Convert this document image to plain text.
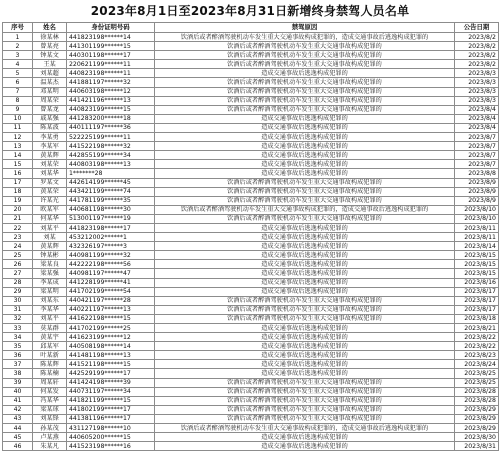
2023年8月1日至2023年8月31日新增终身禁驾人员名单
序号	姓名	身份证明号码	禁驾原因	公告日期
1	徐某林	441823198******14	饮酒后或者醉酒驾驶机动车发生重大交通事故构成犯罪的，造成交通事故后逃逸构成犯罪的	2023/8/2
2	曾某亮	441301199******15	饮酒后或者醉酒驾驶机动车发生重大交通事故构成犯罪的	2023/8/2
3	钟某文	440301198******17	饮酒后或者醉酒驾驶机动车发生重大交通事故构成犯罪的	2023/8/2
4	王某	220621199******11	饮酒后或者醉酒驾驶机动车发生重大交通事故构成犯罪的	2023/8/2
5	刘某超	440823198******11	造成交通事故后逃逸构成犯罪的	2023/8/3
6	温某杰	441881197******32	饮酒后或者醉酒驾驶机动车发生重大交通事故构成犯罪的	2023/8/3
7	邓某明	440603198******12	饮酒后或者醉酒驾驶机动车发生重大交通事故构成犯罪的	2023/8/3
8	周某荣	441421196******13	饮酒后或者醉酒驾驶机动车发生重大交通事故构成犯罪的	2023/8/3
9	曾某龙	440823199******15	饮酒后或者醉酒驾驶机动车发生重大交通事故构成犯罪的	2023/8/4
10	戚某强	441283200******18	造成交通事故后逃逸构成犯罪的	2023/8/4
11	陈某波	440111197******36	造成交通事故后逃逸构成犯罪的	2023/8/4
12	李某勇	522225199******11	造成交通事故后逃逸构成犯罪的	2023/8/7
13	李某军	441522198******32	造成交通事故后逃逸构成犯罪的	2023/8/7
14	黄某辉	442855199******34	造成交通事故后逃逸构成犯罪的	2023/8/7
15	刘某荣	440803198******13	造成交通事故后逃逸构成犯罪的	2023/8/7
16	刘某华	1*******28	造成交通事故后逃逸构成犯罪的	2023/8/8
17	罗某文	442614199******45	饮酒后或者醉酒驾驶机动车发生重大交通事故构成犯罪的	2023/8/9
18	黄某荣	443421199******74	饮酒后或者醉酒驾驶机动车发生重大交通事故构成犯罪的	2023/8/9
19	许某光	441781199******35	饮酒后或者醉酒驾驶机动车发生重大交通事故构成犯罪的	2023/8/9
20	欧某军	440681198******30	饮酒后或者醉酒驾驶机动车发生重大交通事故构成犯罪的，造成交通事故后逃逸构成犯罪的	2023/8/10
21	何某华	513001197******19	饮酒后或者醉酒驾驶机动车发生重大交通事故构成犯罪的	2023/8/10
22	刘某平	441823198******17	造成交通事故后逃逸构成犯罪的	2023/8/11
23	刘某	453212002******1	造成交通事故后逃逸构成犯罪的	2023/8/11
24	黄某辉	432326197******3	造成交通事故后逃逸构成犯罪的	2023/8/14
25	钟某彬	440981199******32	造成交通事故后逃逸构成犯罪的	2023/8/15
26	梁某良	442222198******56	造成交通事故后逃逸构成犯罪的	2023/8/15
27	梁某强	440981197******47	造成交通事故后逃逸构成犯罪的	2023/8/15
28	李某成	441228199******41	造成交通事故后逃逸构成犯罪的	2023/8/16
29	梁某明	441702199******54	造成交通事故后逃逸构成犯罪的	2023/8/17
30	刘某东	440421197******28	饮酒后或者醉酒驾驶机动车发生重大交通事故构成犯罪的	2023/8/17
31	李某华	440221197******13	饮酒后或者醉酒驾驶机动车发生重大交通事故构成犯罪的	2023/8/17
32	刘某平	441622198******15	饮酒后或者醉酒驾驶机动车发生重大交通事故构成犯罪的	2023/8/18
33	莫某群	441702199******25	造成交通事故后逃逸构成犯罪的	2023/8/21
34	黄某宇	441623199******12	造成交通事故后逃逸构成犯罪的	2023/8/22
35	邱某军	440508198******14	造成交通事故后逃逸构成犯罪的	2023/8/22
36	叶某新	441481198******13	造成交通事故后逃逸构成犯罪的	2023/8/23
37	陈某辉	441521198******15	造成交通事故后逃逸构成犯罪的	2023/8/24
38	陈某楠	442529199******17	造成交通事故后逃逸构成犯罪的	2023/8/25
39	周某轩	441424198******39	饮酒后或者醉酒驾驶机动车发生重大交通事故构成犯罪的	2023/8/25
40	何某发	440731197******34	饮酒后或者醉酒驾驶机动车发生重大交通事故构成犯罪的	2023/8/28
41	冯某华	441821199******15	饮酒后或者醉酒驾驶机动车发生重大交通事故构成犯罪的	2023/8/28
42	梁某球	441802199******17	饮酒后或者醉酒驾驶机动车发生重大交通事故构成犯罪的	2023/8/29
43	刘某锋	441381196******17	饮酒后或者醉酒驾驶机动车发生重大交通事故构成犯罪的	2023/8/29
44	孙某茂	431127198******10	饮酒后或者醉酒驾驶机动车发生重大交通事故构成犯罪的，造成交通事故后逃逸构成犯罪的	2023/8/29
45	卢某燕	440605200******15	造成交通事故后逃逸构成犯罪的	2023/8/30
46	朱某凡	441523198******16	造成交通事故后逃逸构成犯罪的	2023/8/31
